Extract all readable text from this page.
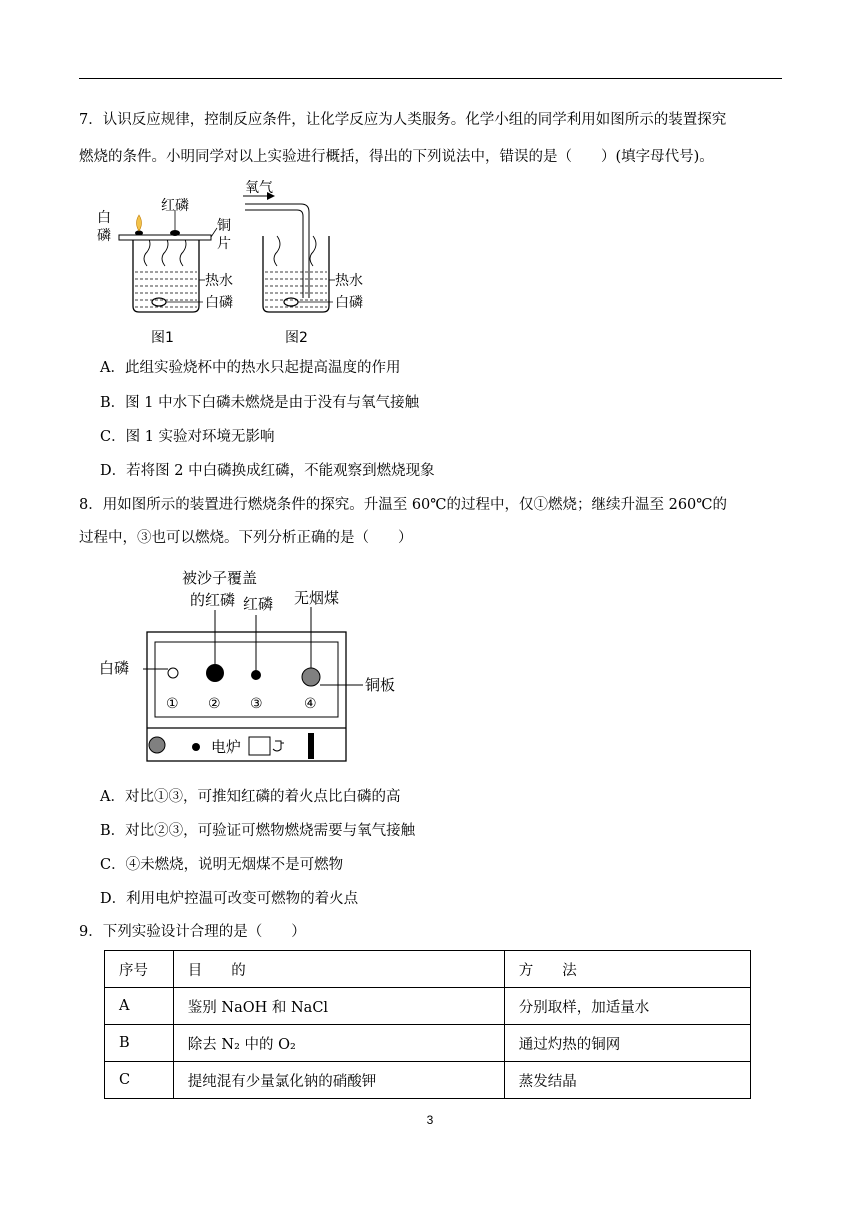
7．认识反应规律，控制反应条件，让化学反应为人类服务。化学小组的同学利用如图所示的装置探究
燃烧的条件。小明同学对以上实验进行概括，得出的下列说法中，错误的是（　　）(填字母代号)。
红磷
白
磷
铜
片
热水
白磷
图1
氧气
热水
白磷
图2
A．此组实验烧杯中的热水只起提高温度的作用
B．图 1 中水下白磷未燃烧是由于没有与氧气接触
C．图 1 实验对环境无影响
D．若将图 2 中白磷换成红磷，不能观察到燃烧现象
8．用如图所示的装置进行燃烧条件的探究。升温至 60℃的过程中，仅①燃烧；继续升温至 260℃的
过程中，③也可以燃烧。下列分析正确的是（　　）
被沙子覆盖
的红磷 红磷 无烟煤
白磷
铜板
① ② ③	④
电炉
A．对比①③，可推知红磷的着火点比白磷的高
B．对比②③，可验证可燃物燃烧需要与氧气接触
C．④未燃烧，说明无烟煤不是可燃物
D．利用电炉控温可改变可燃物的着火点
9．下列实验设计合理的是（　　）
序号	目　　的	方　　法
A	鉴别 NaOH 和 NaCl	分别取样，加适量水
B	除去 N₂ 中的 O₂	通过灼热的铜网
C	提纯混有少量氯化钠的硝酸钾	蒸发结晶
3
